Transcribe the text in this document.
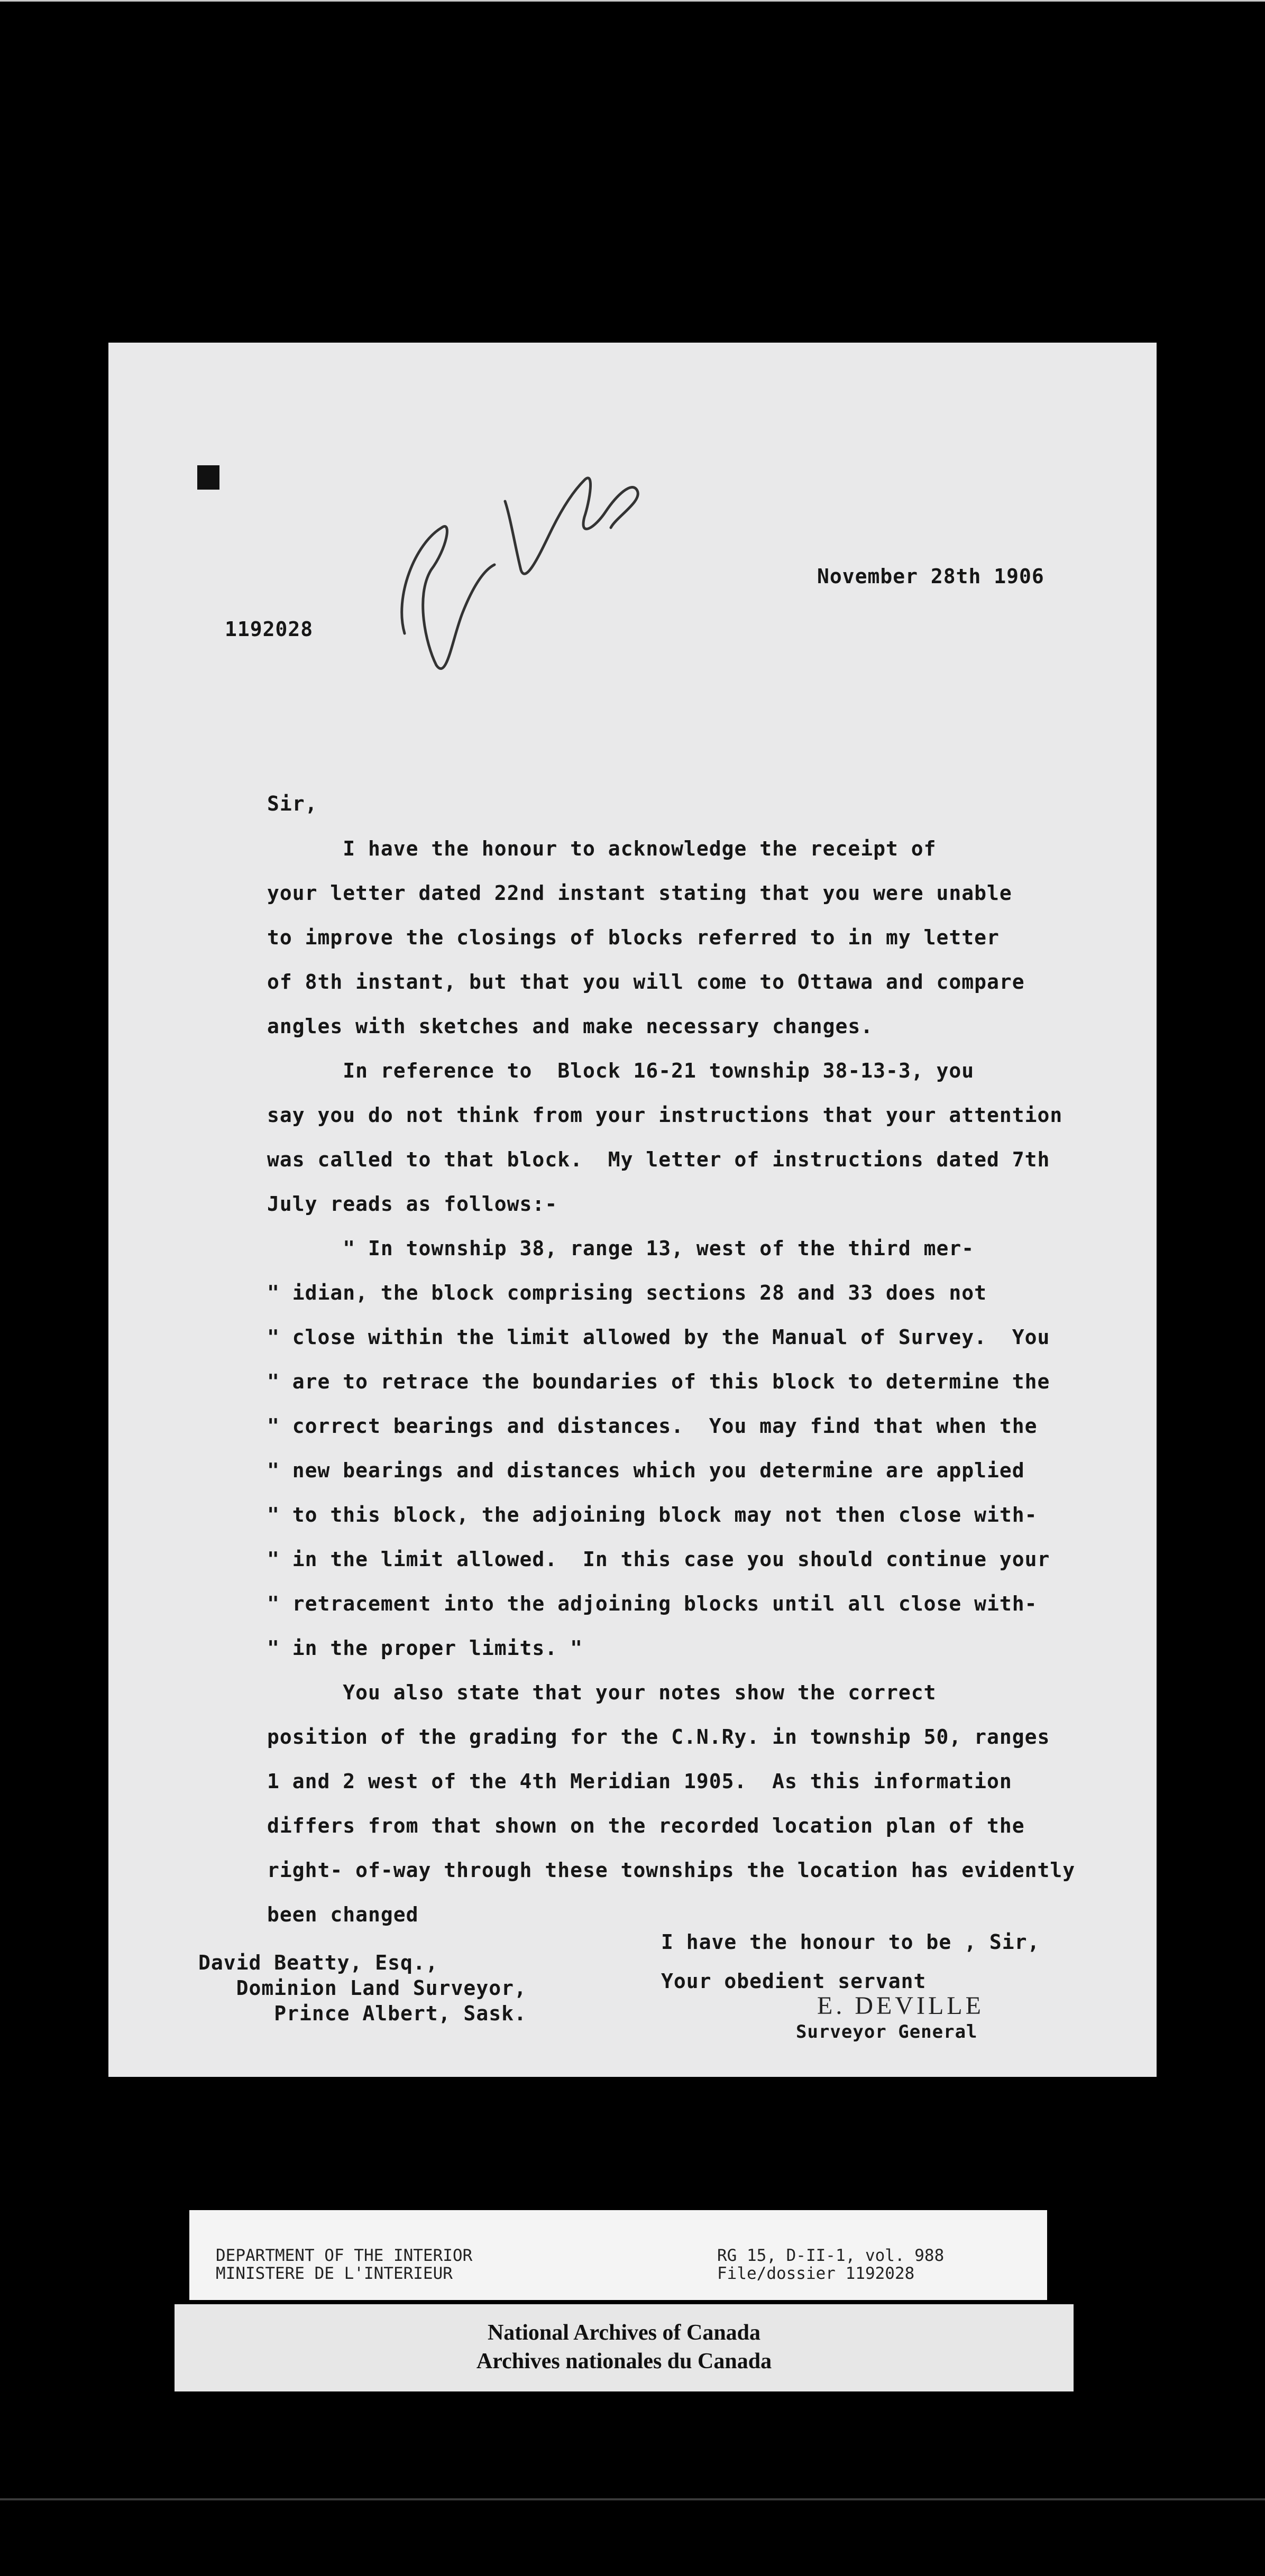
November 28th 1906
1192028
Sir,
I have the honour to acknowledge the receipt of
your letter dated 22nd instant stating that you were unable
to improve the closings of blocks referred to in my letter
of 8th instant, but that you will come to Ottawa and compare
angles with sketches and make necessary changes.
In reference to  Block 16-21 township 38-13-3, you
say you do not think from your instructions that your attention
was called to that block.  My letter of instructions dated 7th
July reads as follows:-
" In township 38, range 13, west of the third mer-
" idian, the block comprising sections 28 and 33 does not
" close within the limit allowed by the Manual of Survey.  You
" are to retrace the boundaries of this block to determine the
" correct bearings and distances.  You may find that when the
" new bearings and distances which you determine are applied
" to this block, the adjoining block may not then close with-
" in the limit allowed.  In this case you should continue your
" retracement into the adjoining blocks until all close with-
" in the proper limits. "
You also state that your notes show the correct
position of the grading for the C.N.Ry. in township 50, ranges
1 and 2 west of the 4th Meridian 1905.  As this information
differs from that shown on the recorded location plan of the
right- of-way through these townships the location has evidently
been changed
I have the honour to be , Sir,
Your obedient servant
David Beatty, Esq.,
Dominion Land Surveyor,
Prince Albert, Sask.	E. DEVILLE
Surveyor General
DEPARTMENT OF THE INTERIOR
MINISTERE DE L'INTERIEUR
RG 15, D-II-1, vol. 988
File/dossier 1192028
National Archives of Canada
Archives nationales du Canada
